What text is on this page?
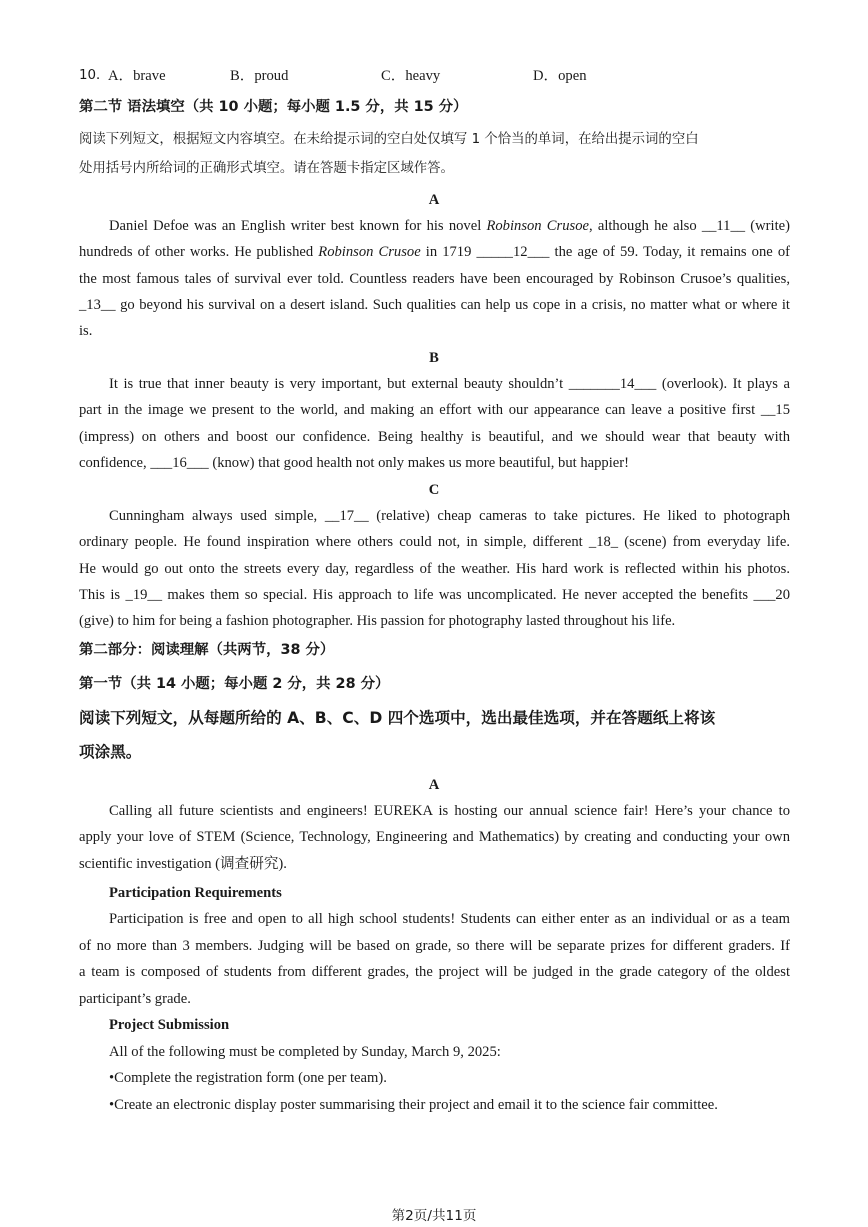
10．
A．brave	B．proud	C．heavy	D．open
第二节 语法填空（共 10 小题；每小题 1.5 分，共 15 分）
阅读下列短文，根据短文内容填空。在未给提示词的空白处仅填写 1 个恰当的单词，在给出提示词的空白
处用括号内所给词的正确形式填空。请在答题卡指定区域作答。
A
Daniel Defoe was an English writer best known for his novel Robinson Crusoe, although he also __11__ (write)
hundreds of other works. He published Robinson Crusoe in 1719 _____12___ the age of 59. Today, it remains one of
the most famous tales of survival ever told. Countless readers have been encouraged by Robinson Crusoe’s qualities,
_13__ go beyond his survival on a desert island. Such qualities can help us cope in a crisis, no matter what or where it
is.
B
It is true that inner beauty is very important, but external beauty shouldn’t _______14___ (overlook). It plays a
part in the image we present to the world, and making an effort with our appearance can leave a positive first __15
(impress) on others and boost our confidence. Being healthy is beautiful, and we should wear that beauty with
confidence, ___16___ (know) that good health not only makes us more beautiful, but happier!
C
Cunningham always used simple, __17__ (relative) cheap cameras to take pictures. He liked to photograph
ordinary people. He found inspiration where others could not, in simple, different _18_ (scene) from everyday life.
He would go out onto the streets every day, regardless of the weather. His hard work is reflected within his photos.
This is _19__ makes them so special. His approach to life was uncomplicated. He never accepted the benefits ___20
(give) to him for being a fashion photographer. His passion for photography lasted throughout his life.
第二部分：阅读理解（共两节，38 分）
第一节（共 14 小题；每小题 2 分，共 28 分）
阅读下列短文，从每题所给的 A、B、C、D 四个选项中，选出最佳选项，并在答题纸上将该
项涂黑。
A
Calling all future scientists and engineers! EUREKA is hosting our annual science fair! Here’s your chance to
apply your love of STEM (Science, Technology, Engineering and Mathematics) by creating and conducting your own
scientific investigation (调查研究).
Participation Requirements
Participation is free and open to all high school students! Students can either enter as an individual or as a team
of no more than 3 members. Judging will be based on grade, so there will be separate prizes for different graders. If
a team is composed of students from different grades, the project will be judged in the grade category of the oldest
participant’s grade.
Project Submission
All of the following must be completed by Sunday, March 9, 2025:
•Complete the registration form (one per team).
•Create an electronic display poster summarising their project and email it to the science fair committee.
第2页/共11页
